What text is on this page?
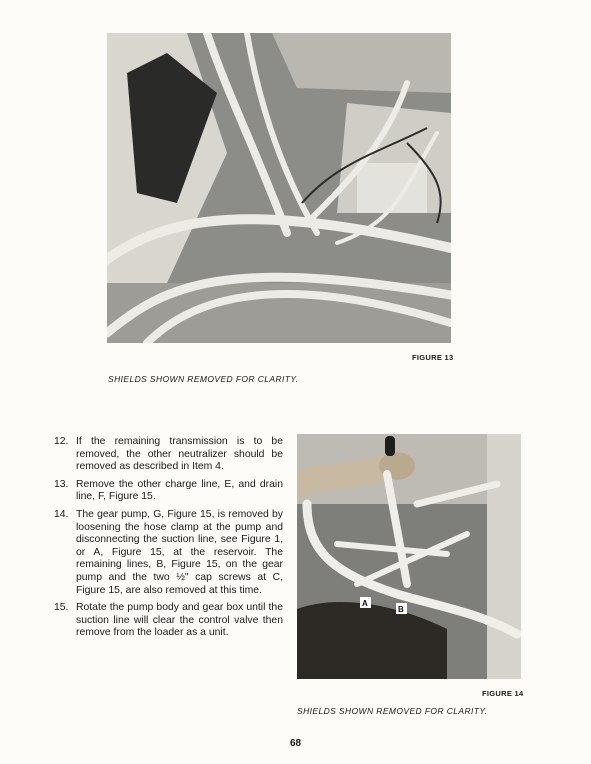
FIGURE 13
SHIELDS SHOWN REMOVED FOR CLARITY.
12. If the remaining transmission is to be removed, the other neutralizer should be removed as described in Item 4.
13. Remove the other charge line, E, and drain line, F, Figure 15.
14. The gear pump, G, Figure 15, is removed by loosening the hose clamp at the pump and disconnecting the suction line, see Figure 1, or A, Figure 15, at the reservoir. The remaining lines, B, Figure 15, on the gear pump and the two ½" cap screws at C, Figure 15, are also removed at this time.
15. Rotate the pump body and gear box until the suction line will clear the control valve then remove from the loader as a unit.
A
B
FIGURE 14
SHIELDS SHOWN REMOVED FOR CLARITY.
68
